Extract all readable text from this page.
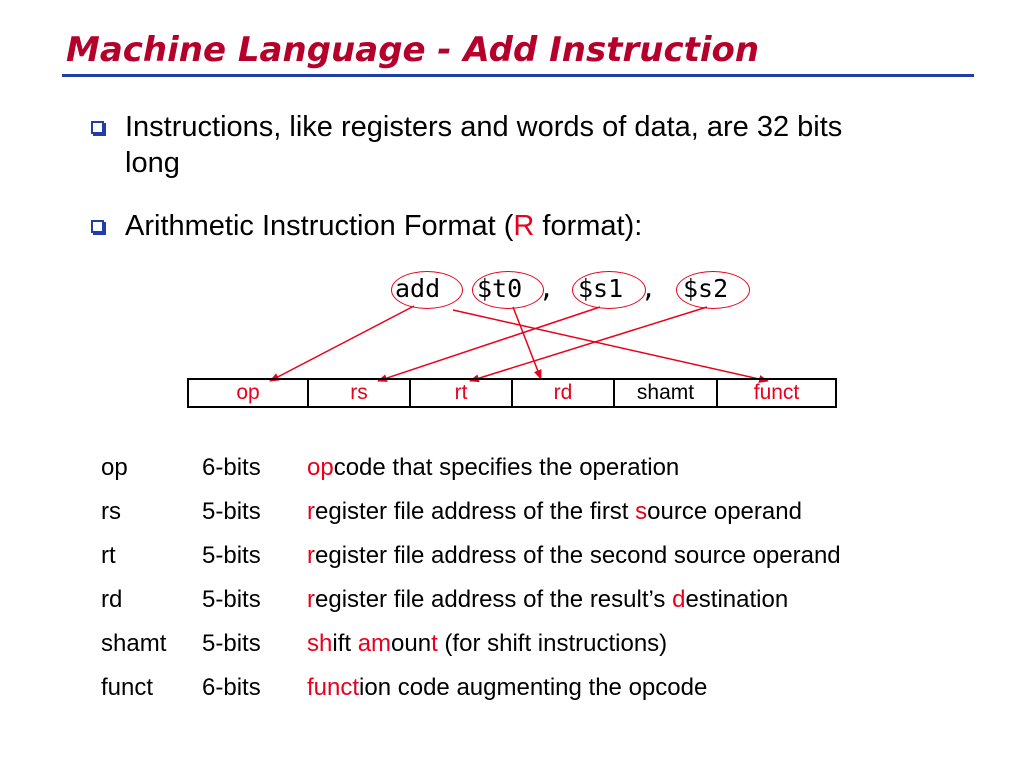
Machine Language - Add Instruction
Instructions, like registers and words of data, are 32 bits
long
Arithmetic Instruction Format (R format):
add $t0 , $s1 , $s2
op	rs	rt	rd	shamt	funct
op	6-bits	opcode that specifies the operation
rs	5-bits	register file address of the first source operand
rt	5-bits	register file address of the second source operand
rd	5-bits	register file address of the result’s destination
shamt	5-bits	shift amount (for shift instructions)
funct	6-bits	function code augmenting the opcode
